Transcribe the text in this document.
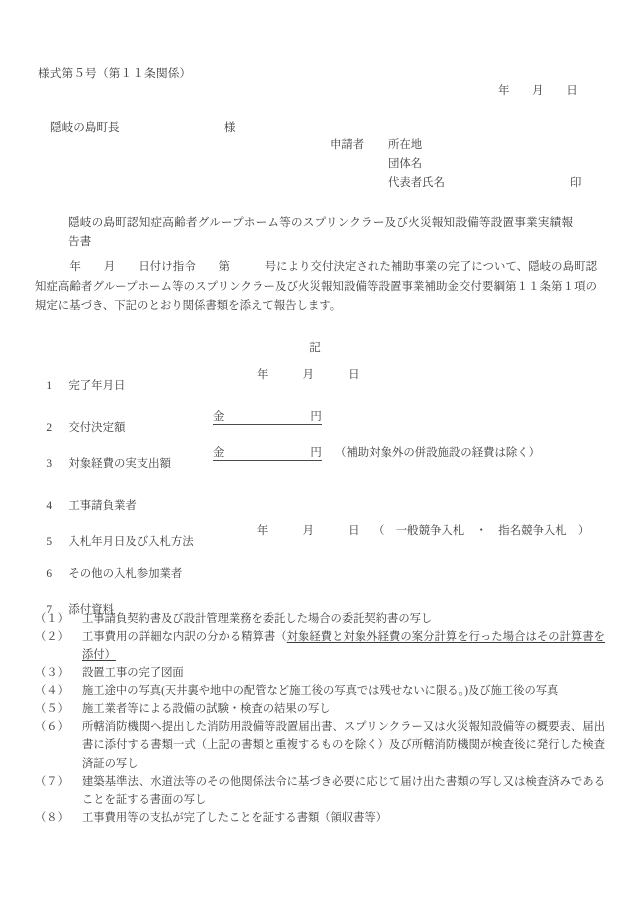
様式第５号（第１１条関係）
年　　月　　日
隠岐の島町長　　　　　　　　　様
申請者	所在地
団体名
代表者氏名	印
隠岐の島町認知症高齢者グループホーム等のスプリンクラー及び火災報知設備等設置事業実績報告書
　　　年　　月　　日付け指令　　第　　　号により交付決定された補助事業の完了について、隠岐の島町認知症高齢者グループホーム等のスプリンクラー及び火災報知設備等設置事業補助金交付要綱第１１条第１項の規定に基づき、下記のとおり関係書類を添えて報告します。
記

1 完了年月日

年　　　月　　　日

2 交付決定額

金	円

3 対象経費の実支出額

金	円

（補助対象外の併設施設の経費は除く）

4 工事請負業者

5 入札年月日及び入札方法

年　　　月　　　日

（　一般競争入札　・　指名競争入札　）

6 その他の入札参加業者

7 添付資料

（１）	工事請負契約書及び設計管理業務を委託した場合の委託契約書の写し
（２）	工事費用の詳細な内訳の分かる精算書（対象経費と対象外経費の案分計算を行った場合はその計算書を添付）
（３）	設置工事の完了図面
（４）	施工途中の写真(天井裏や地中の配管など施工後の写真では残せないに限る。)及び施工後の写真
（５）	施工業者等による設備の試験・検査の結果の写し
（６）	所轄消防機関へ提出した消防用設備等設置届出書、スプリンクラー又は火災報知設備等の概要表、届出書に添付する書類一式（上記の書類と重複するものを除く）及び所轄消防機関が検査後に発行した検査済証の写し
（７）	建築基準法、水道法等のその他関係法令に基づき必要に応じて届け出た書類の写し又は検査済みであることを証する書面の写し
（８）	工事費用等の支払が完了したことを証する書類（領収書等）
